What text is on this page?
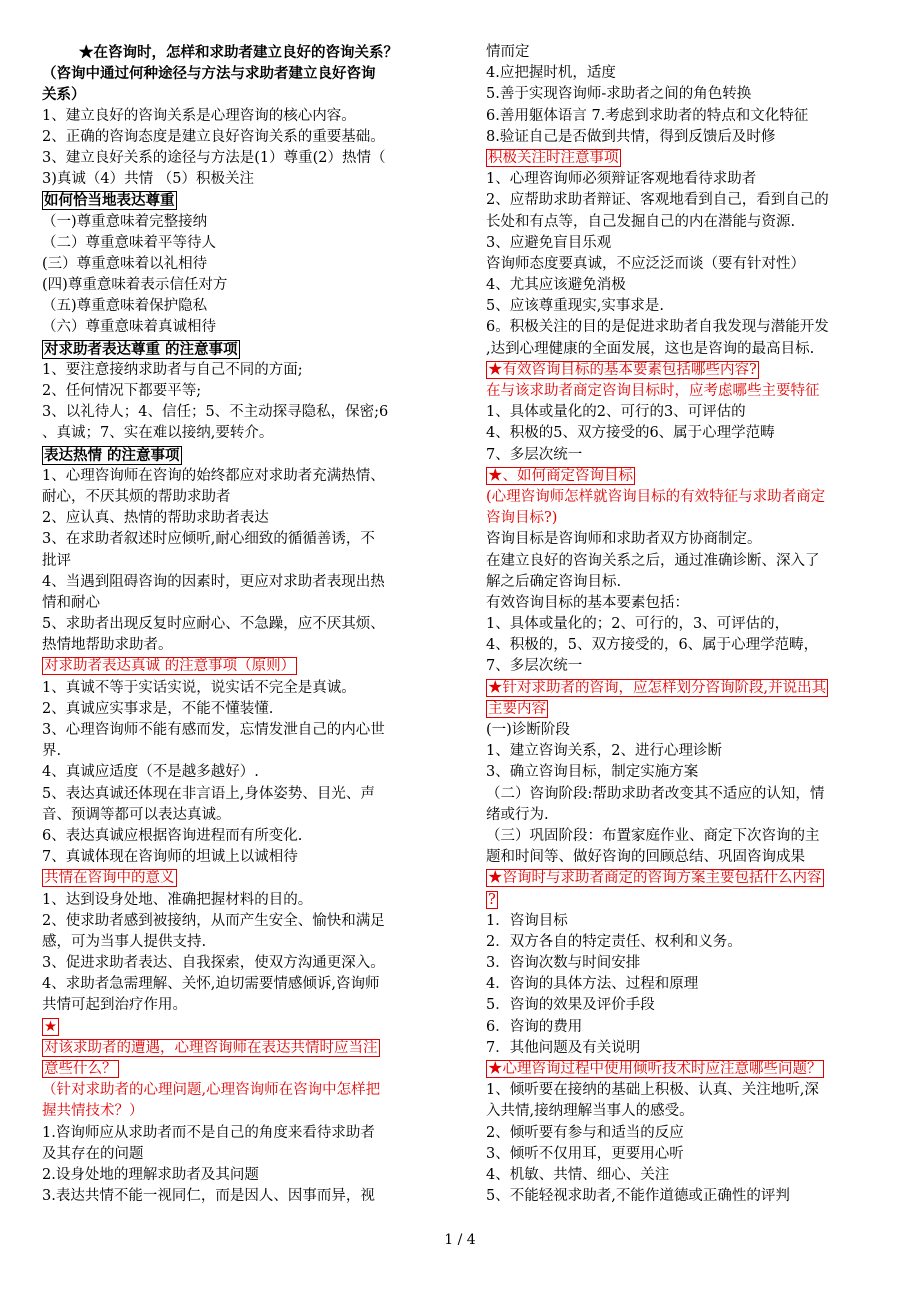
★在咨询时，怎样和求助者建立良好的咨询关系？
（咨询中通过何种途径与方法与求助者建立良好咨询
关系）
1、建立良好的咨询关系是心理咨询的核心内容。
2、正确的咨询态度是建立良好咨询关系的重要基础。
3、建立良好关系的途径与方法是(1）尊重(2）热情（
3)真诚（4）共情 （5）积极关注
如何恰当地表达尊重
（一)尊重意味着完整接纳
（二）尊重意味着平等待人
(三）尊重意味着以礼相待
(四)尊重意味着表示信任对方
（五)尊重意味着保护隐私
（六）尊重意味着真诚相待
对求助者表达尊重 的注意事项
1、要注意接纳求助者与自己不同的方面;
2、任何情况下都要平等;
3、以礼待人；4、信任；5、不主动探寻隐私，保密;6
、真诚；7、实在难以接纳,要转介。
表达热情 的注意事项
1、心理咨询师在咨询的始终都应对求助者充满热情、
耐心，不厌其烦的帮助求助者
2、应认真、热情的帮助求助者表达
3、在求助者叙述时应倾听,耐心细致的循循善诱，不
批评
4、当遇到阻碍咨询的因素时，更应对求助者表现出热
情和耐心
5、求助者出现反复时应耐心、不急躁，应不厌其烦、
热情地帮助求助者。
对求助者表达真诚 的注意事项（原则）
1、真诚不等于实话实说，说实话不完全是真诚。
2、真诚应实事求是，不能不懂装懂.
3、心理咨询师不能有感而发，忘情发泄自己的内心世
界.
4、真诚应适度（不是越多越好）.
5、表达真诚还体现在非言语上,身体姿势、目光、声
音、预调等都可以表达真诚。
6、表达真诚应根据咨询进程而有所变化.
7、真诚体现在咨询师的坦诚上以诚相待
共情在咨询中的意义
1、达到设身处地、准确把握材料的目的。
2、使求助者感到被接纳，从而产生安全、愉快和满足
感，可为当事人提供支持.
3、促进求助者表达、自我探索，使双方沟通更深入。
4、求助者急需理解、关怀,迫切需要情感倾诉,咨询师
共情可起到治疗作用。
★
对该求助者的遭遇，心理咨询师在表达共情时应当注
意些什么？
（针对求助者的心理问题,心理咨询师在咨询中怎样把
握共情技术？）
1.咨询师应从求助者而不是自己的角度来看待求助者
及其存在的问题
2.设身处地的理解求助者及其问题
3.表达共情不能一视同仁，而是因人、因事而异，视
情而定
4.应把握时机，适度
5.善于实现咨询师-求助者之间的角色转换
6.善用躯体语言 7.考虑到求助者的特点和文化特征
8.验证自己是否做到共情，得到反馈后及时修
积极关注时注意事项
1、心理咨询师必须辩证客观地看待求助者
2、应帮助求助者辩证、客观地看到自己，看到自己的
长处和有点等，自己发掘自己的内在潜能与资源.
3、应避免盲目乐观
咨询师态度要真诚，不应泛泛而谈（要有针对性）
4、尤其应该避免消极
5、应该尊重现实,实事求是.
6。积极关注的目的是促进求助者自我发现与潜能开发
,达到心理健康的全面发展，这也是咨询的最高目标.
★有效咨询目标的基本要素包括哪些内容?
在与该求助者商定咨询目标时，应考虑哪些主要特征
1、具体或量化的2、可行的3、可评估的
4、积极的5、双方接受的6、属于心理学范畴
7、多层次统一
★、如何商定咨询目标
(心理咨询师怎样就咨询目标的有效特征与求助者商定
咨询目标?)
咨询目标是咨询师和求助者双方协商制定。
在建立良好的咨询关系之后，通过准确诊断、深入了
解之后确定咨询目标.
有效咨询目标的基本要素包括：
1、具体或量化的；2、可行的，3、可评估的，
4、积极的，5、双方接受的，6、属于心理学范畴，
7、多层次统一
★针对求助者的咨询，应怎样划分咨询阶段,并说出其
主要内容
(一)诊断阶段
1、建立咨询关系，2、进行心理诊断
3、确立咨询目标，制定实施方案
（二）咨询阶段:帮助求助者改变其不适应的认知，情
绪或行为.
（三）巩固阶段：布置家庭作业、商定下次咨询的主
题和时间等、做好咨询的回顾总结、巩固咨询成果
★咨询时与求助者商定的咨询方案主要包括什么内容
?
1．咨询目标
2．双方各自的特定责任、权利和义务。
3．咨询次数与时间安排
4．咨询的具体方法、过程和原理
5．咨询的效果及评价手段
6．咨询的费用
7．其他问题及有关说明
★心理咨询过程中使用倾听技术时应注意哪些问题？
1、倾听要在接纳的基础上积极、认真、关注地听,深
入共情,接纳理解当事人的感受。
2、倾听要有参与和适当的反应
3、倾听不仅用耳，更要用心听
4、机敏、共情、细心、关注
5、不能轻视求助者,不能作道德或正确性的评判
1 / 4
